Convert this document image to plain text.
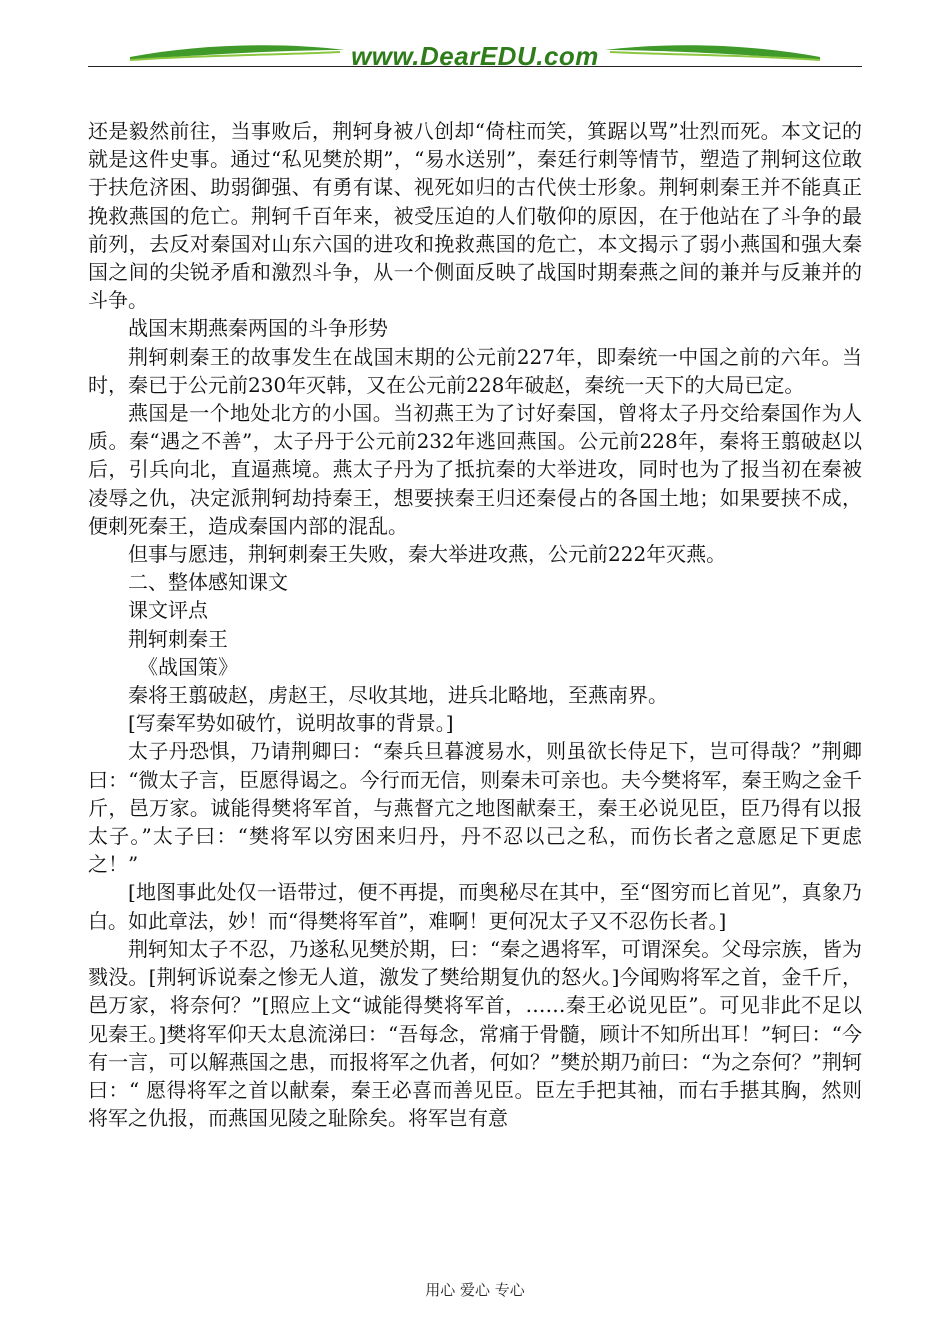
www.DearEDU.com

还是毅然前往，当事败后，荆轲身被八创却“倚柱而笑，箕踞以骂”壮烈而死。本文记的就是这件史事。通过“私见樊於期”，“易水送别”，秦廷行刺等情节，塑造了荆轲这位敢于扶危济困、助弱御强、有勇有谋、视死如归的古代侠士形象。荆轲刺秦王并不能真正挽救燕国的危亡。荆轲千百年来，被受压迫的人们敬仰的原因，在于他站在了斗争的最前列，去反对秦国对山东六国的进攻和挽救燕国的危亡，本文揭示了弱小燕国和强大秦国之间的尖锐矛盾和激烈斗争，从一个侧面反映了战国时期秦燕之间的兼并与反兼并的斗争。

战国末期燕秦两国的斗争形势

荆轲刺秦王的故事发生在战国末期的公元前227年，即秦统一中国之前的六年。当时，秦已于公元前230年灭韩，又在公元前228年破赵，秦统一天下的大局已定。

燕国是一个地处北方的小国。当初燕王为了讨好秦国，曾将太子丹交给秦国作为人质。秦“遇之不善”，太子丹于公元前232年逃回燕国。公元前228年，秦将王翦破赵以后，引兵向北，直逼燕境。燕太子丹为了抵抗秦的大举进攻，同时也为了报当初在秦被凌辱之仇，决定派荆轲劫持秦王，想要挟秦王归还秦侵占的各国土地；如果要挟不成，便刺死秦王，造成秦国内部的混乱。

但事与愿违，荆轲刺秦王失败，秦大举进攻燕，公元前222年灭燕。

二、整体感知课文

课文评点

荆轲刺秦王

《战国策》

秦将王翦破赵，虏赵王，尽收其地，进兵北略地，至燕南界。

[写秦军势如破竹，说明故事的背景。]

太子丹恐惧，乃请荆卿曰：“秦兵旦暮渡易水，则虽欲长侍足下，岂可得哉？”荆卿曰：“微太子言，臣愿得谒之。今行而无信，则秦未可亲也。夫今樊将军，秦王购之金千斤，邑万家。诚能得樊将军首，与燕督亢之地图献秦王，秦王必说见臣，臣乃得有以报太子。”太子曰：“樊将军以穷困来归丹，丹不忍以己之私，而伤长者之意愿足下更虑之！”

[地图事此处仅一语带过，便不再提，而奥秘尽在其中，至“图穷而匕首见”，真象乃白。如此章法，妙！而“得樊将军首”，难啊！更何况太子又不忍伤长者。]

荆轲知太子不忍，乃遂私见樊於期，曰：“秦之遇将军，可谓深矣。父母宗族，皆为戮没。[荆轲诉说秦之惨无人道，激发了樊给期复仇的怒火。]今闻购将军之首，金千斤，邑万家，将奈何？”[照应上文“诚能得樊将军首，……秦王必说见臣”。可见非此不足以见秦王。]樊将军仰天太息流涕曰：“吾每念，常痛于骨髓，顾计不知所出耳！”轲曰：“今有一言，可以解燕国之患，而报将军之仇者，何如？”樊於期乃前曰：“为之奈何？”荆轲曰：“ 愿得将军之首以献秦，秦王必喜而善见臣。臣左手把其袖，而右手揕其胸，然则将军之仇报，而燕国见陵之耻除矣。将军岂有意

用心 爱心 专心
